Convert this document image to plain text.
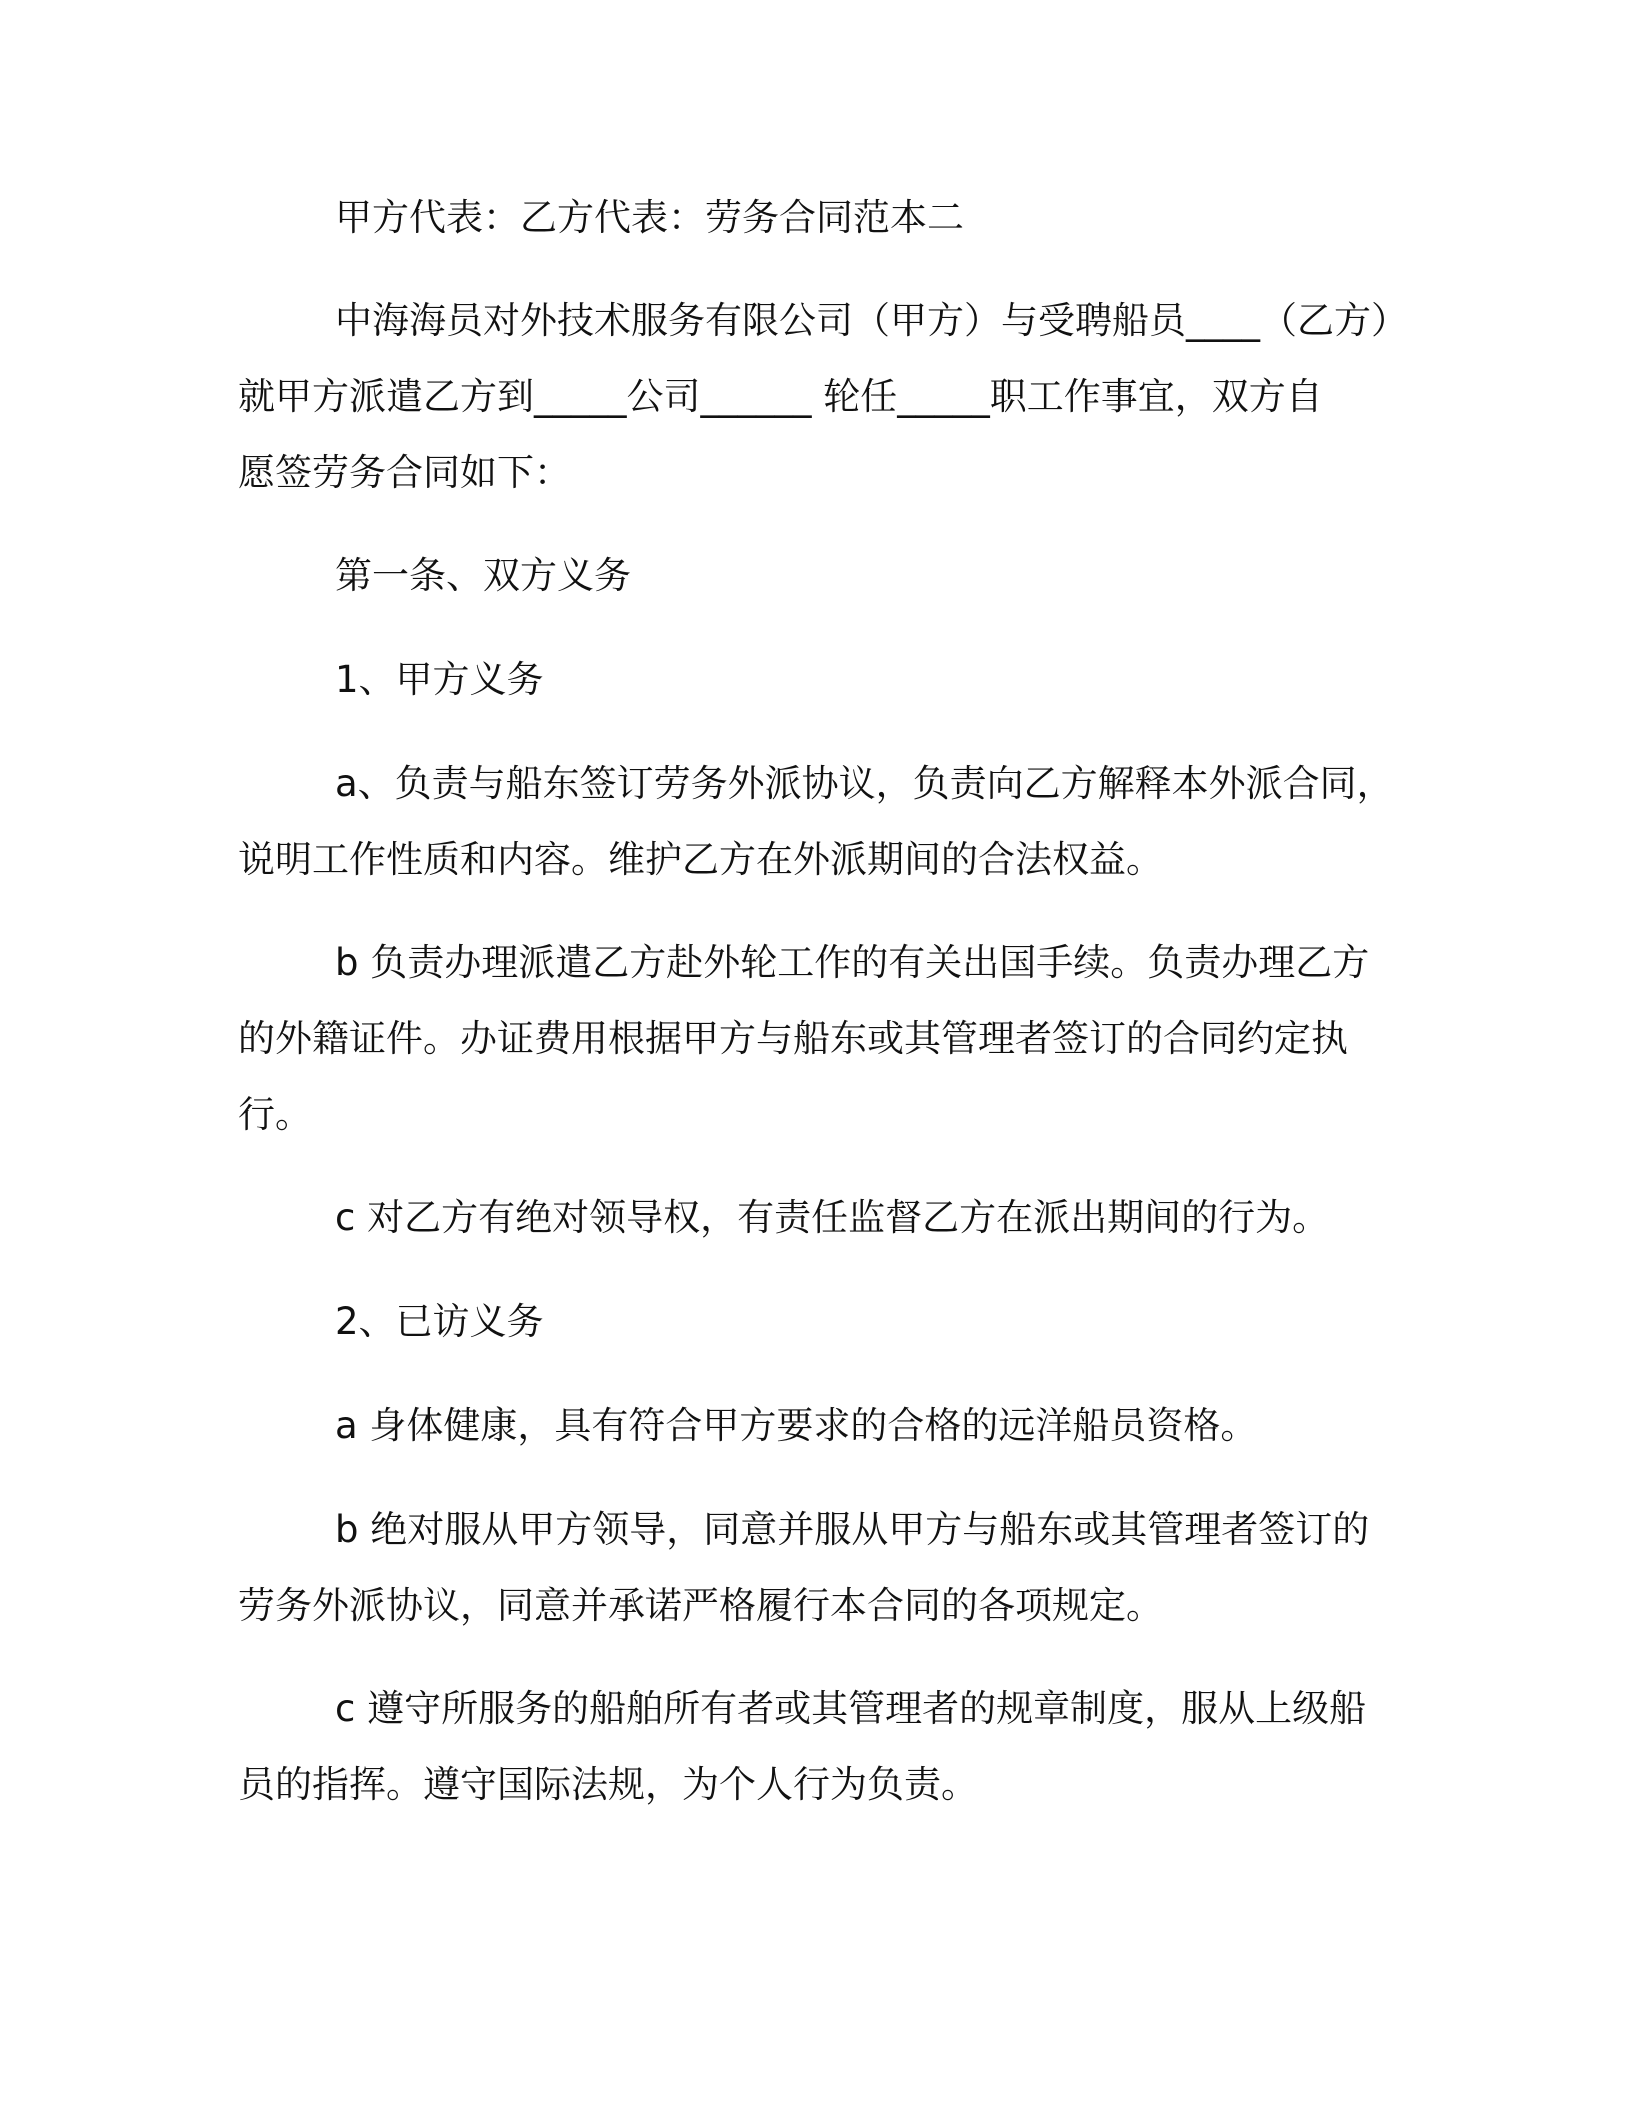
甲方代表：乙方代表：劳务合同范本二

中海海员对外技术服务有限公司（甲方）与受聘船员____（乙方）
就甲方派遣乙方到_____公司______ 轮任_____职工作事宜，双方自
愿签劳务合同如下：

第一条、双方义务

1、甲方义务

a、负责与船东签订劳务外派协议，负责向乙方解释本外派合同，
说明工作性质和内容。维护乙方在外派期间的合法权益。

b 负责办理派遣乙方赴外轮工作的有关出国手续。负责办理乙方
的外籍证件。办证费用根据甲方与船东或其管理者签订的合同约定执
行。

c 对乙方有绝对领导权，有责任监督乙方在派出期间的行为。

2、已访义务

a 身体健康，具有符合甲方要求的合格的远洋船员资格。

b 绝对服从甲方领导，同意并服从甲方与船东或其管理者签订的
劳务外派协议，同意并承诺严格履行本合同的各项规定。

c 遵守所服务的船舶所有者或其管理者的规章制度，服从上级船
员的指挥。遵守国际法规，为个人行为负责。
